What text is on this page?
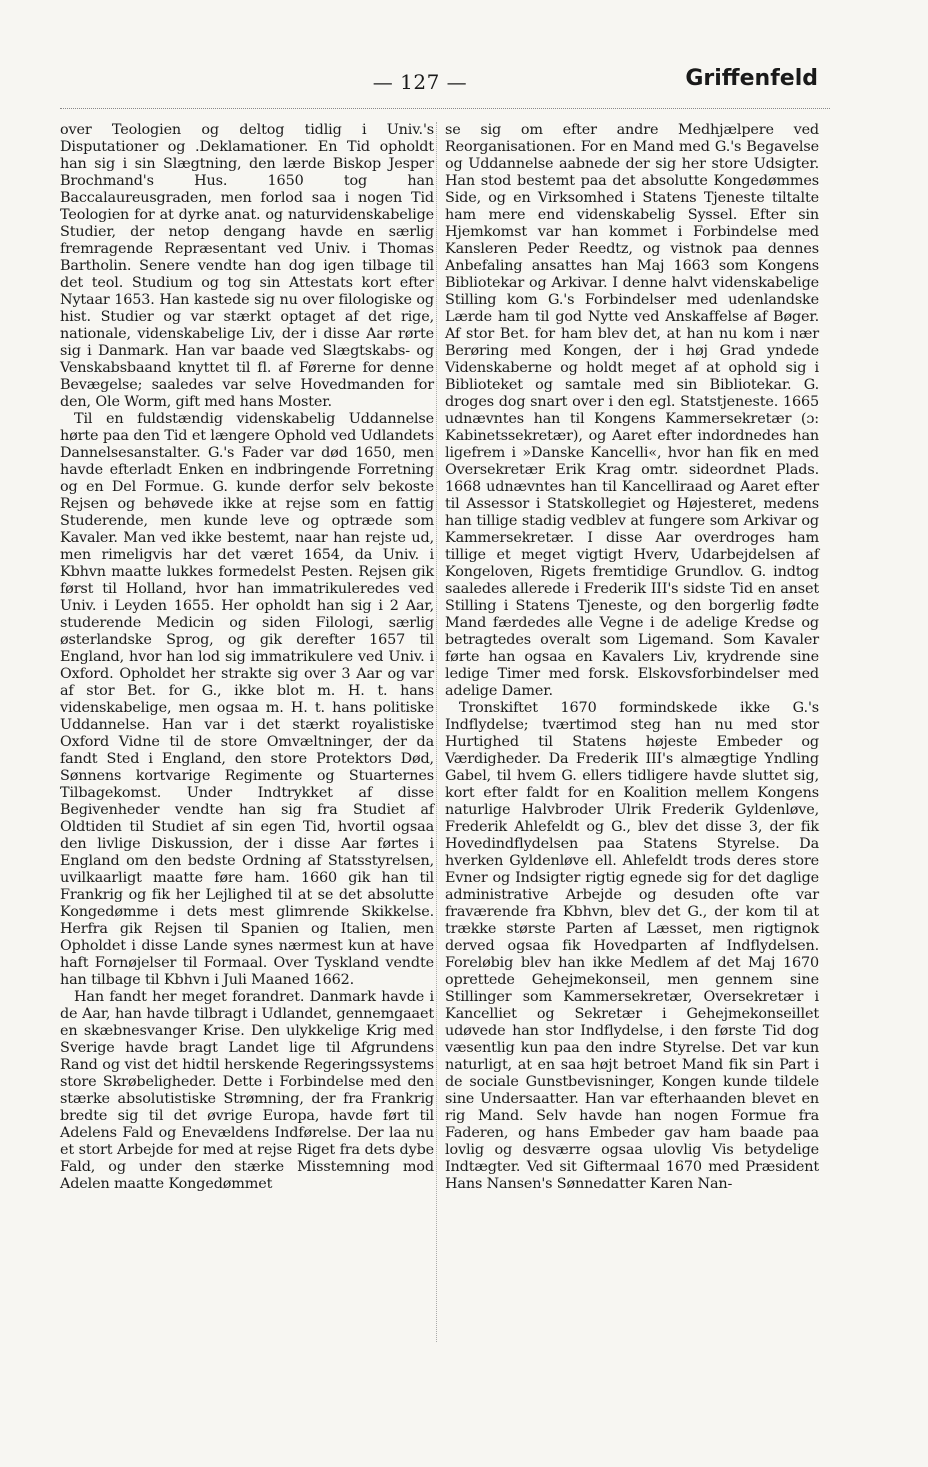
— 127 —	Griffenfeld

over Teologien og deltog tidlig i Univ.'s Disputationer og .Deklamationer. En Tid opholdt han sig i sin Slægtning, den lærde Biskop Jesper Brochmand's Hus. 1650 tog han Baccalaureusgraden, men forlod saa i nogen Tid Teologien for at dyrke anat. og naturvidenskabelige Studier, der netop dengang havde en særlig fremragende Repræsentant ved Univ. i Thomas Bartholin. Senere vendte han dog igen tilbage til det teol. Studium og tog sin Attestats kort efter Nytaar 1653. Han kastede sig nu over filologiske og hist. Studier og var stærkt optaget af det rige, nationale, videnskabelige Liv, der i disse Aar rørte sig i Danmark. Han var baade ved Slægtskabs- og Venskabsbaand knyttet til fl. af Førerne for denne Bevægelse; saaledes var selve Hovedmanden for den, Ole Worm, gift med hans Moster.

Til en fuldstændig videnskabelig Uddannelse hørte paa den Tid et længere Ophold ved Udlandets Dannelsesanstalter. G.'s Fader var død 1650, men havde efterladt Enken en indbringende Forretning og en Del Formue. G. kunde derfor selv bekoste Rejsen og behøvede ikke at rejse som en fattig Studerende, men kunde leve og optræde som Kavaler. Man ved ikke bestemt, naar han rejste ud, men rimeligvis har det været 1654, da Univ. i Kbhvn maatte lukkes formedelst Pesten. Rejsen gik først til Holland, hvor han immatrikuleredes ved Univ. i Leyden 1655. Her opholdt han sig i 2 Aar, studerende Medicin og siden Filologi, særlig østerlandske Sprog, og gik derefter 1657 til England, hvor han lod sig immatrikulere ved Univ. i Oxford. Opholdet her strakte sig over 3 Aar og var af stor Bet. for G., ikke blot m. H. t. hans videnskabelige, men ogsaa m. H. t. hans politiske Uddannelse. Han var i det stærkt royalistiske Oxford Vidne til de store Omvæltninger, der da fandt Sted i England, den store Protektors Død, Sønnens kortvarige Regimente og Stuarternes Tilbagekomst. Under Indtrykket af disse Begivenheder vendte han sig fra Studiet af Oldtiden til Studiet af sin egen Tid, hvortil ogsaa den livlige Diskussion, der i disse Aar førtes i England om den bedste Ordning af Statsstyrelsen, uvilkaarligt maatte føre ham. 1660 gik han til Frankrig og fik her Lejlighed til at se det absolutte Kongedømme i dets mest glimrende Skikkelse. Herfra gik Rejsen til Spanien og Italien, men Opholdet i disse Lande synes nærmest kun at have haft Fornøjelser til Formaal. Over Tyskland vendte han tilbage til Kbhvn i Juli Maaned 1662.

Han fandt her meget forandret. Danmark havde i de Aar, han havde tilbragt i Udlandet, gennemgaaet en skæbnesvanger Krise. Den ulykkelige Krig med Sverige havde bragt Landet lige til Afgrundens Rand og vist det hidtil herskende Regeringssystems store Skrøbeligheder. Dette i Forbindelse med den stærke absolutistiske Strømning, der fra Frankrig bredte sig til det øvrige Europa, havde ført til Adelens Fald og Enevældens Indførelse. Der laa nu et stort Arbejde for med at rejse Riget fra dets dybe Fald, og under den stærke Misstemning mod Adelen maatte Kongedømmet

se sig om efter andre Medhjælpere ved Reorganisationen. For en Mand med G.'s Begavelse og Uddannelse aabnede der sig her store Udsigter. Han stod bestemt paa det absolutte Kongedømmes Side, og en Virksomhed i Statens Tjeneste tiltalte ham mere end videnskabelig Syssel. Efter sin Hjemkomst var han kommet i Forbindelse med Kansleren Peder Reedtz, og vistnok paa dennes Anbefaling ansattes han Maj 1663 som Kongens Bibliotekar og Arkivar. I denne halvt videnskabelige Stilling kom G.'s Forbindelser med udenlandske Lærde ham til god Nytte ved Anskaffelse af Bøger. Af stor Bet. for ham blev det, at han nu kom i nær Berøring med Kongen, der i høj Grad yndede Videnskaberne og holdt meget af at ophold sig i Biblioteket og samtale med sin Bibliotekar. G. droges dog snart over i den egl. Statstjeneste. 1665 udnævntes han til Kongens Kammersekretær (ɔ: Kabinetssekretær), og Aaret efter indordnedes han ligefrem i »Danske Kancelli«, hvor han fik en med Oversekretær Erik Krag omtr. sideordnet Plads. 1668 udnævntes han til Kancelliraad og Aaret efter til Assessor i Statskollegiet og Højesteret, medens han tillige stadig vedblev at fungere som Arkivar og Kammersekretær. I disse Aar overdroges ham tillige et meget vigtigt Hverv, Udarbejdelsen af Kongeloven, Rigets fremtidige Grundlov. G. indtog saaledes allerede i Frederik III's sidste Tid en anset Stilling i Statens Tjeneste, og den borgerlig fødte Mand færdedes alle Vegne i de adelige Kredse og betragtedes overalt som Ligemand. Som Kavaler førte han ogsaa en Kavalers Liv, krydrende sine ledige Timer med forsk. Elskovsforbindelser med adelige Damer.

Tronskiftet 1670 formindskede ikke G.'s Indflydelse; tværtimod steg han nu med stor Hurtighed til Statens højeste Embeder og Værdigheder. Da Frederik III's almægtige Yndling Gabel, til hvem G. ellers tidligere havde sluttet sig, kort efter faldt for en Koalition mellem Kongens naturlige Halvbroder Ulrik Frederik Gyldenløve, Frederik Ahlefeldt og G., blev det disse 3, der fik Hovedindflydelsen paa Statens Styrelse. Da hverken Gyldenløve ell. Ahlefeldt trods deres store Evner og Indsigter rigtig egnede sig for det daglige administrative Arbejde og desuden ofte var fraværende fra Kbhvn, blev det G., der kom til at trække største Parten af Læsset, men rigtignok derved ogsaa fik Hovedparten af Indflydelsen. Foreløbig blev han ikke Medlem af det Maj 1670 oprettede Gehejmekonseil, men gennem sine Stillinger som Kammersekretær, Oversekretær i Kancelliet og Sekretær i Gehejmekonseillet udøvede han stor Indflydelse, i den første Tid dog væsentlig kun paa den indre Styrelse. Det var kun naturligt, at en saa højt betroet Mand fik sin Part i de sociale Gunstbevisninger, Kongen kunde tildele sine Undersaatter. Han var efterhaanden blevet en rig Mand. Selv havde han nogen Formue fra Faderen, og hans Embeder gav ham baade paa lovlig og desværre ogsaa ulovlig Vis betydelige Indtægter. Ved sit Giftermaal 1670 med Præsident Hans Nansen's Sønnedatter Karen Nan-
